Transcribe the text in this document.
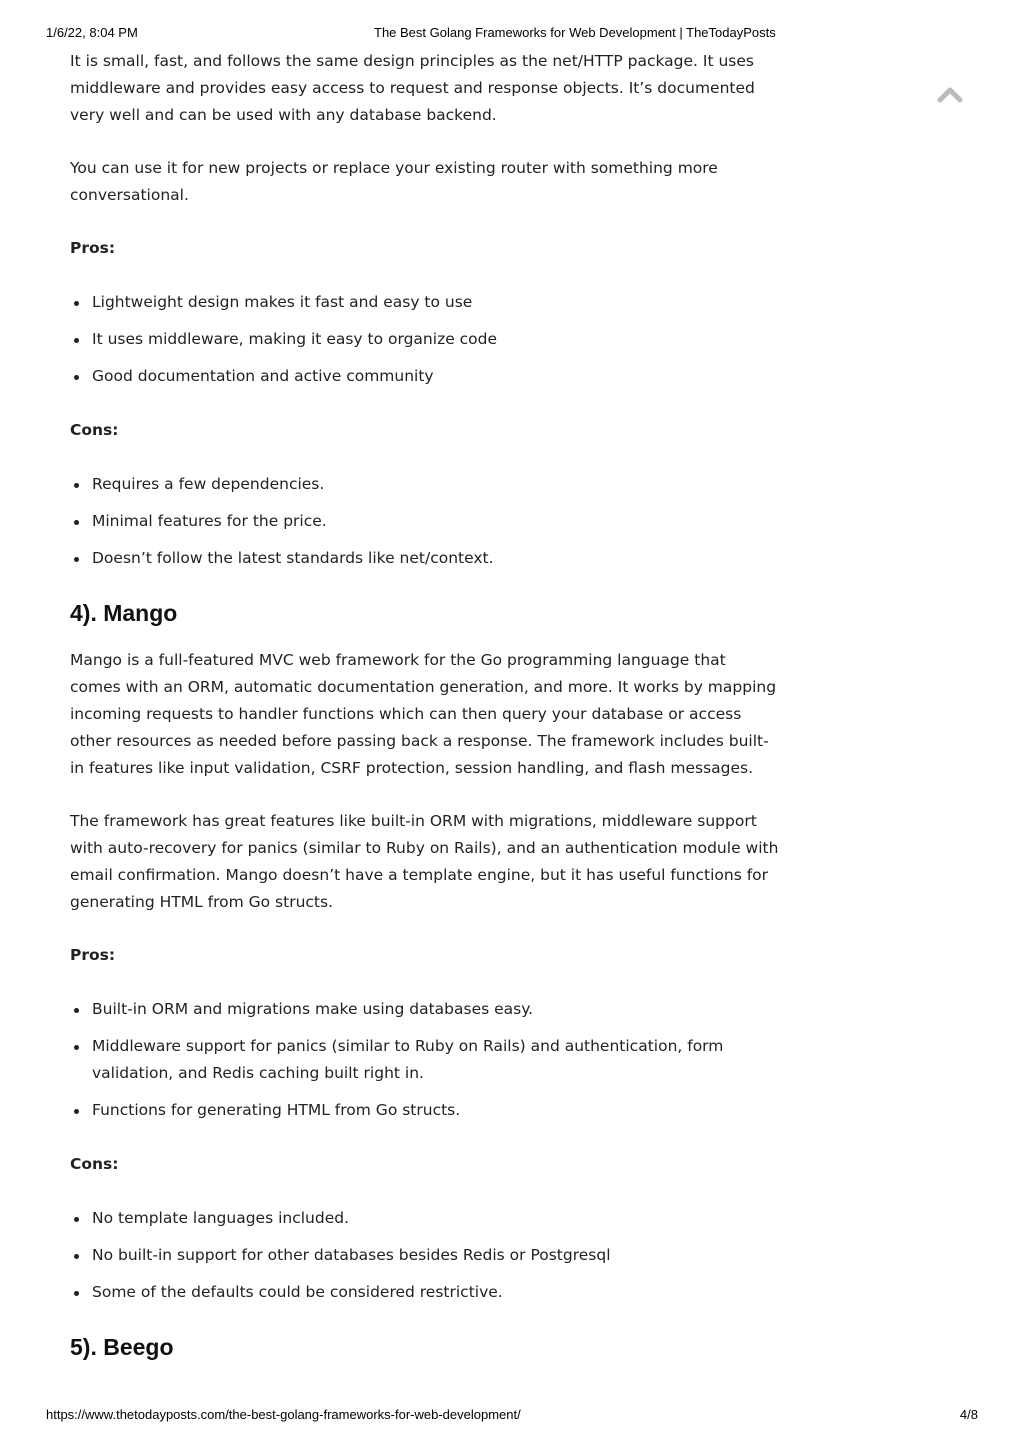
1/6/22, 8:04 PM	The Best Golang Frameworks for Web Development | TheTodayPosts

It is small, fast, and follows the same design principles as the net/HTTP package. It uses middleware and provides easy access to request and response objects. It’s documented very well and can be used with any database backend.

You can use it for new projects or replace your existing router with something more conversational.

Pros:

Lightweight design makes it fast and easy to use
It uses middleware, making it easy to organize code
Good documentation and active community

Cons:

Requires a few dependencies.
Minimal features for the price.
Doesn’t follow the latest standards like net/context.
4). Mango

Mango is a full-featured MVC web framework for the Go programming language that comes with an ORM, automatic documentation generation, and more. It works by mapping incoming requests to handler functions which can then query your database or access other resources as needed before passing back a response. The framework includes built-in features like input validation, CSRF protection, session handling, and flash messages.

The framework has great features like built-in ORM with migrations, middleware support with auto-recovery for panics (similar to Ruby on Rails), and an authentication module with email confirmation. Mango doesn’t have a template engine, but it has useful functions for generating HTML from Go structs.

Pros:

Built-in ORM and migrations make using databases easy.
Middleware support for panics (similar to Ruby on Rails) and authentication, form validation, and Redis caching built right in.
Functions for generating HTML from Go structs.

Cons:

No template languages included.
No built-in support for other databases besides Redis or Postgresql
Some of the defaults could be considered restrictive.
5). Beego
https://www.thetodayposts.com/the-best-golang-frameworks-for-web-development/	4/8
